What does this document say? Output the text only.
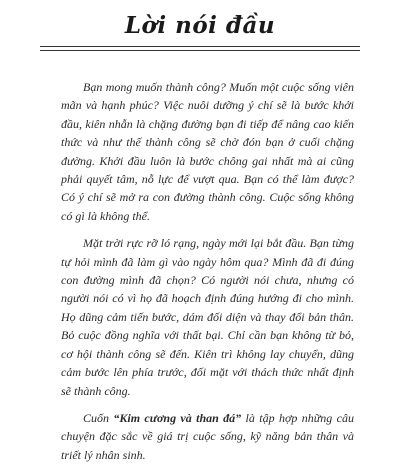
Lời nói đầu

Bạn mong muốn thành công? Muốn một cuộc sống viên mãn và hạnh phúc? Việc nuôi dưỡng ý chí sẽ là bước khởi đầu, kiên nhẫn là chặng đường bạn đi tiếp để nâng cao kiến thức và như thế thành công sẽ chờ đón bạn ở cuối chặng đường. Khởi đầu luôn là bước chông gai nhất mà ai cũng phải quyết tâm, nỗ lực để vượt qua. Bạn có thể làm được? Có ý chí sẽ mở ra con đường thành công. Cuộc sống không có gì là không thể.

Mặt trời rực rỡ ló rạng, ngày mới lại bắt đầu. Bạn từng tự hỏi mình đã làm gì vào ngày hôm qua? Mình đã đi đúng con đường mình đã chọn? Có người nói chưa, nhưng có người nói có vì họ đã hoạch định đúng hướng đi cho mình. Họ dũng cảm tiến bước, dám đối diện và thay đổi bản thân. Bỏ cuộc đồng nghĩa với thất bại. Chỉ cần bạn không từ bỏ, cơ hội thành công sẽ đến. Kiên trì không lay chuyển, dũng cảm bước lên phía trước, đối mặt với thách thức nhất định sẽ thành công.

Cuốn “Kim cương và than đá” là tập hợp những câu chuyện đặc sắc về giá trị cuộc sống, kỹ năng bản thân và triết lý nhân sinh.
